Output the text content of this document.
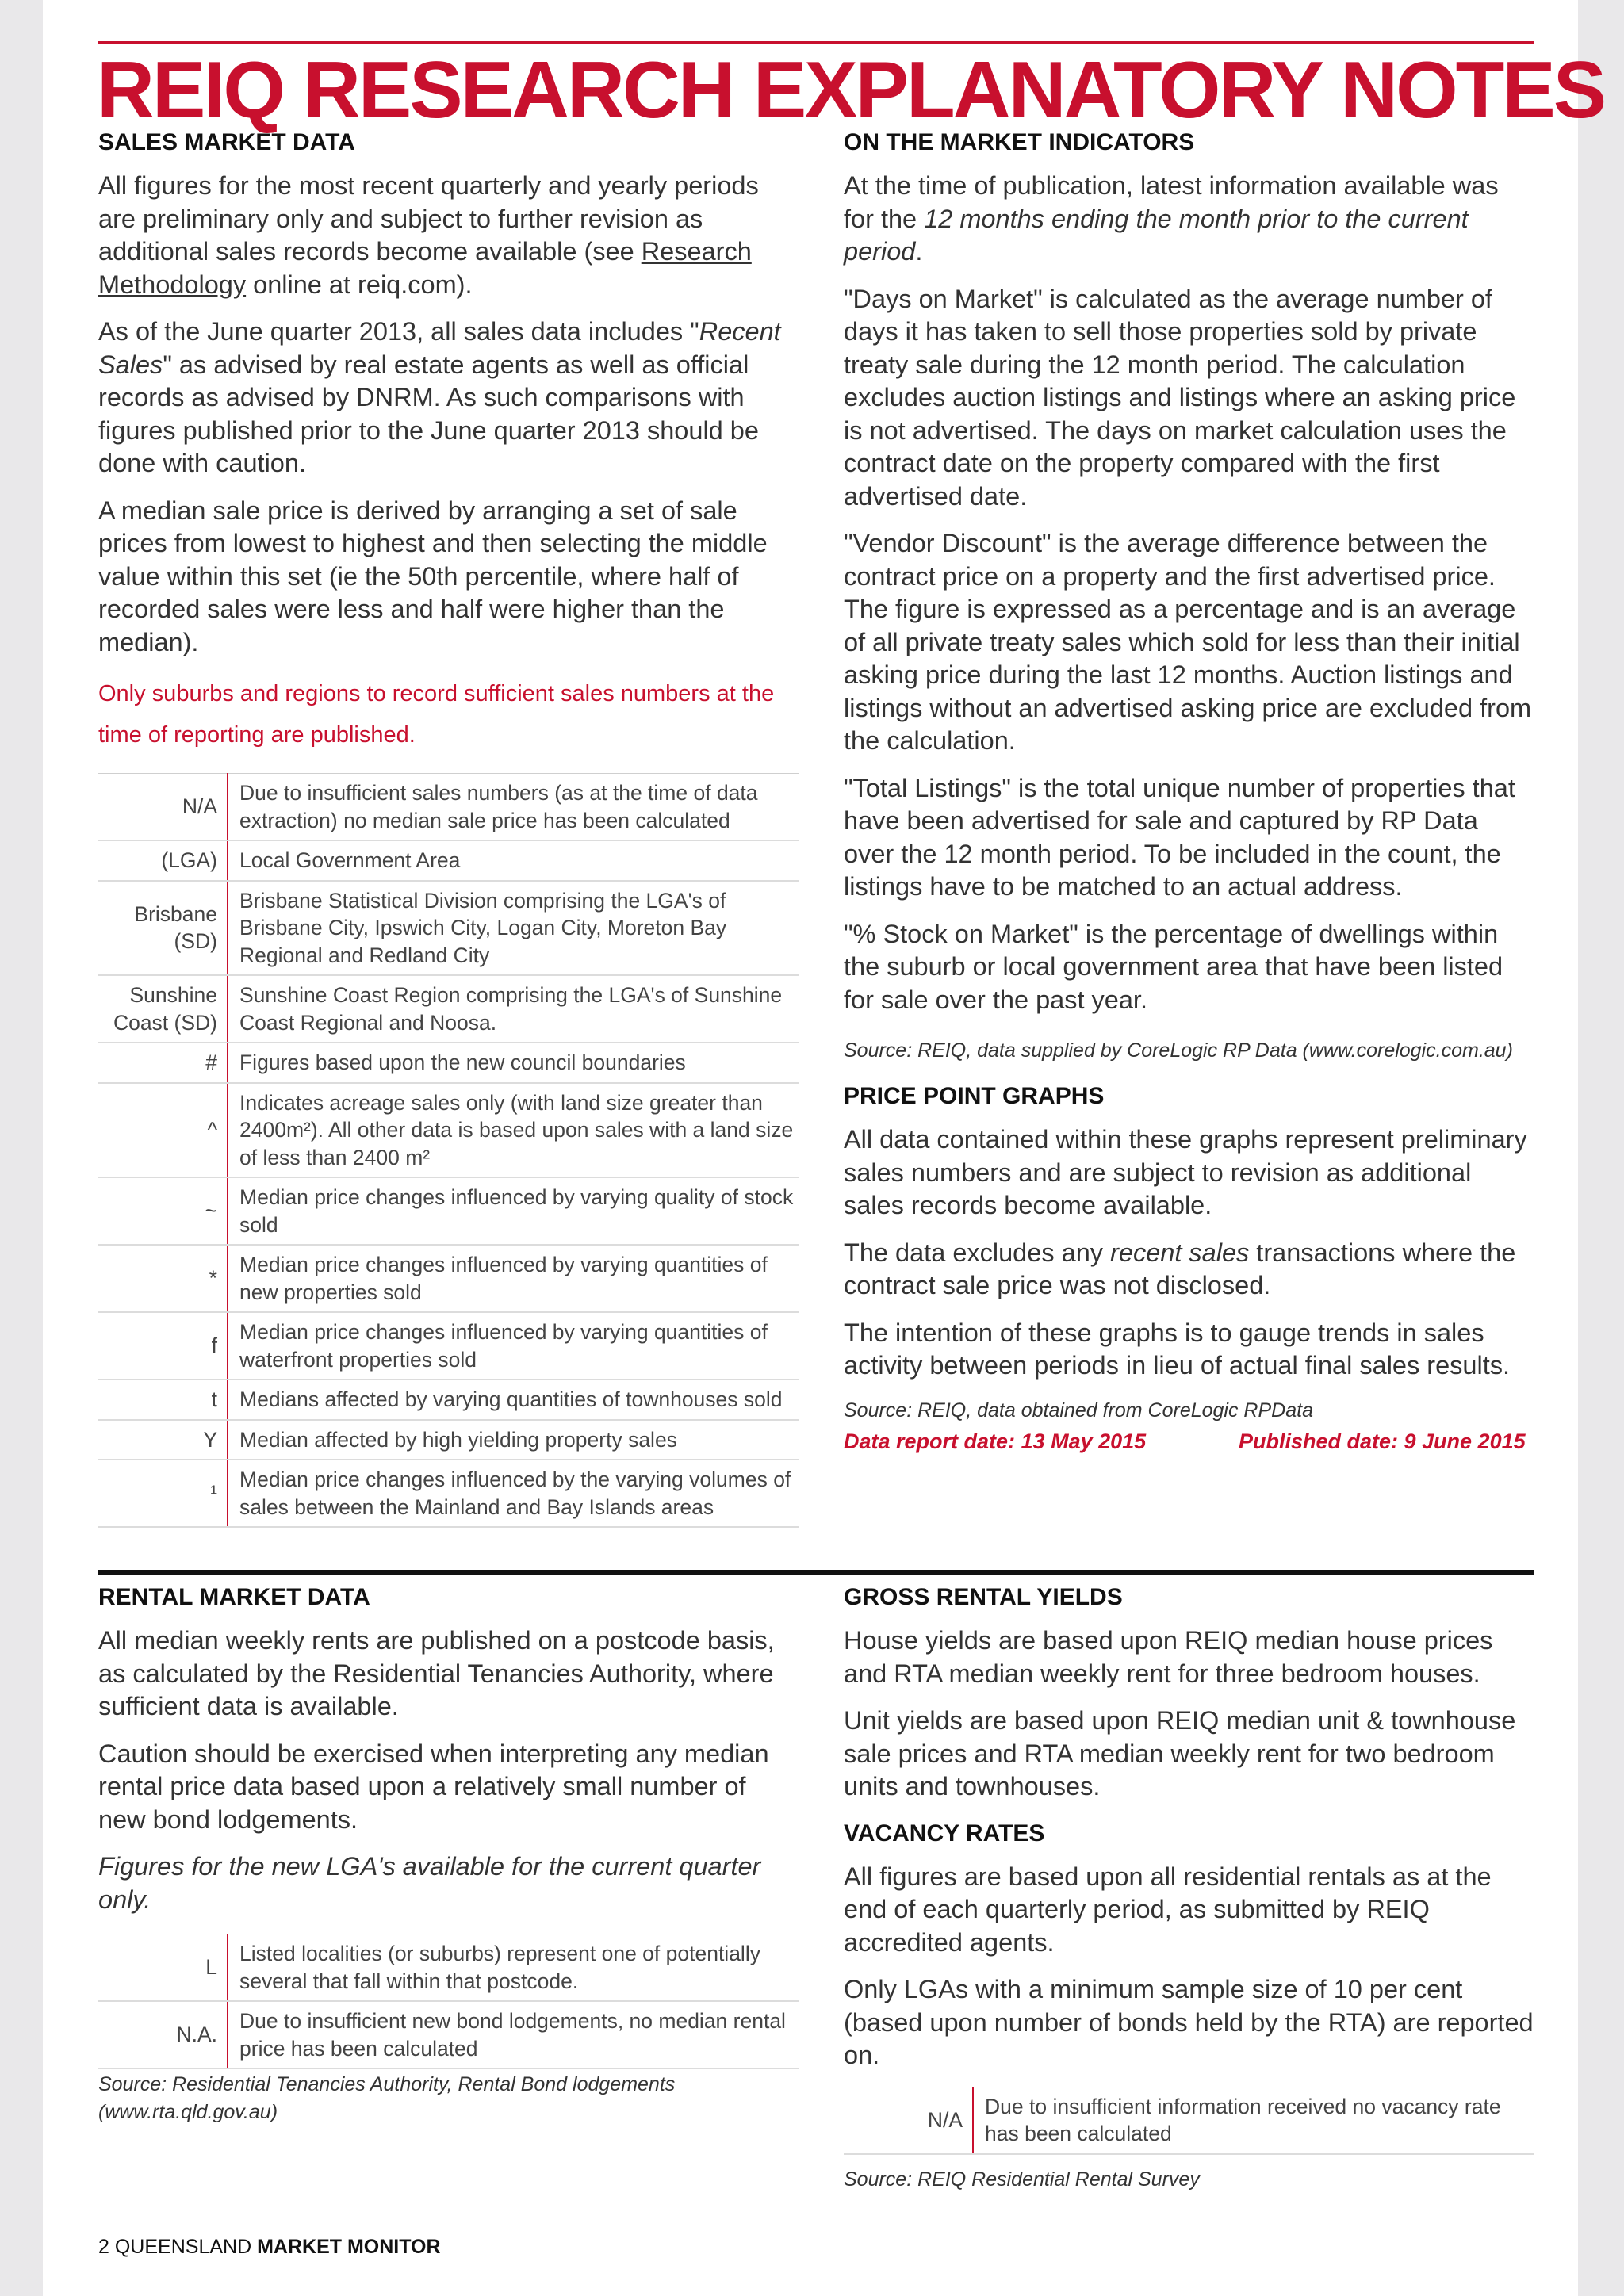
REIQ RESEARCH EXPLANATORY NOTES
SALES MARKET DATA

All figures for the most recent quarterly and yearly periods are preliminary only and subject to further revision as additional sales records become available (see Research Methodology online at reiq.com).

As of the June quarter 2013, all sales data includes "Recent Sales" as advised by real estate agents as well as official records as advised by DNRM. As such comparisons with figures published prior to the June quarter 2013 should be done with caution.

A median sale price is derived by arranging a set of sale prices from lowest to highest and then selecting the middle value within this set (ie the 50th percentile, where half of recorded sales were less and half were higher than the median).

Only suburbs and regions to record sufficient sales numbers at the time of reporting are published.

N/A	Due to insufficient sales numbers (as at the time of data extraction) no median sale price has been calculated
(LGA)	Local Government Area
Brisbane (SD)	Brisbane Statistical Division comprising the LGA's of Brisbane City, Ipswich City, Logan City, Moreton Bay Regional and Redland City
Sunshine Coast (SD)	Sunshine Coast Region comprising the LGA's of Sunshine Coast Regional and Noosa.
#	Figures based upon the new council boundaries
^	Indicates acreage sales only (with land size greater than 2400m²). All other data is based upon sales with a land size of less than 2400 m²
~	Median price changes influenced by varying quality of stock sold
*	Median price changes influenced by varying quantities of new properties sold
f	Median price changes influenced by varying quantities of waterfront properties sold
t	Medians affected by varying quantities of townhouses sold
Y	Median affected by high yielding property sales
¹	Median price changes influenced by the varying volumes of sales between the Mainland and Bay Islands areas
ON THE MARKET INDICATORS

At the time of publication, latest information available was for the 12 months ending the month prior to the current period.

"Days on Market" is calculated as the average number of days it has taken to sell those properties sold by private treaty sale during the 12 month period. The calculation excludes auction listings and listings where an asking price is not advertised. The days on market calculation uses the contract date on the property compared with the first advertised date.

"Vendor Discount" is the average difference between the contract price on a property and the first advertised price. The figure is expressed as a percentage and is an average of all private treaty sales which sold for less than their initial asking price during the last 12 months. Auction listings and listings without an advertised asking price are excluded from the calculation.

"Total Listings" is the total unique number of properties that have been advertised for sale and captured by RP Data over the 12 month period. To be included in the count, the listings have to be matched to an actual address.

"% Stock on Market" is the percentage of dwellings within the suburb or local government area that have been listed for sale over the past year.

Source: REIQ, data supplied by CoreLogic RP Data (www.corelogic.com.au)

PRICE POINT GRAPHS

All data contained within these graphs represent preliminary sales numbers and are subject to revision as additional sales records become available.

The data excludes any recent sales transactions where the contract sale price was not disclosed.

The intention of these graphs is to gauge trends in sales activity between periods in lieu of actual final sales results.

Source: REIQ, data obtained from CoreLogic RPData

Data report date: 13 May 2015	Published date: 9 June 2015
RENTAL MARKET DATA

All median weekly rents are published on a postcode basis, as calculated by the Residential Tenancies Authority, where sufficient data is available.

Caution should be exercised when interpreting any median rental price data based upon a relatively small number of new bond lodgements.

Figures for the new LGA's available for the current quarter only.

L	Listed localities (or suburbs) represent one of potentially several that fall within that postcode.
N.A.	Due to insufficient new bond lodgements, no median rental price has been calculated

Source: Residential Tenancies Authority, Rental Bond lodgements (www.rta.qld.gov.au)

GROSS RENTAL YIELDS

House yields are based upon REIQ median house prices and RTA median weekly rent for three bedroom houses.

Unit yields are based upon REIQ median unit & townhouse sale prices and RTA median weekly rent for two bedroom units and townhouses.

VACANCY RATES

All figures are based upon all residential rentals as at the end of each quarterly period, as submitted by REIQ accredited agents.

Only LGAs with a minimum sample size of 10 per cent (based upon number of bonds held by the RTA) are reported on.

N/A	Due to insufficient information received no vacancy rate has been calculated

Source: REIQ Residential Rental Survey

2 QUEENSLAND MARKET MONITOR
